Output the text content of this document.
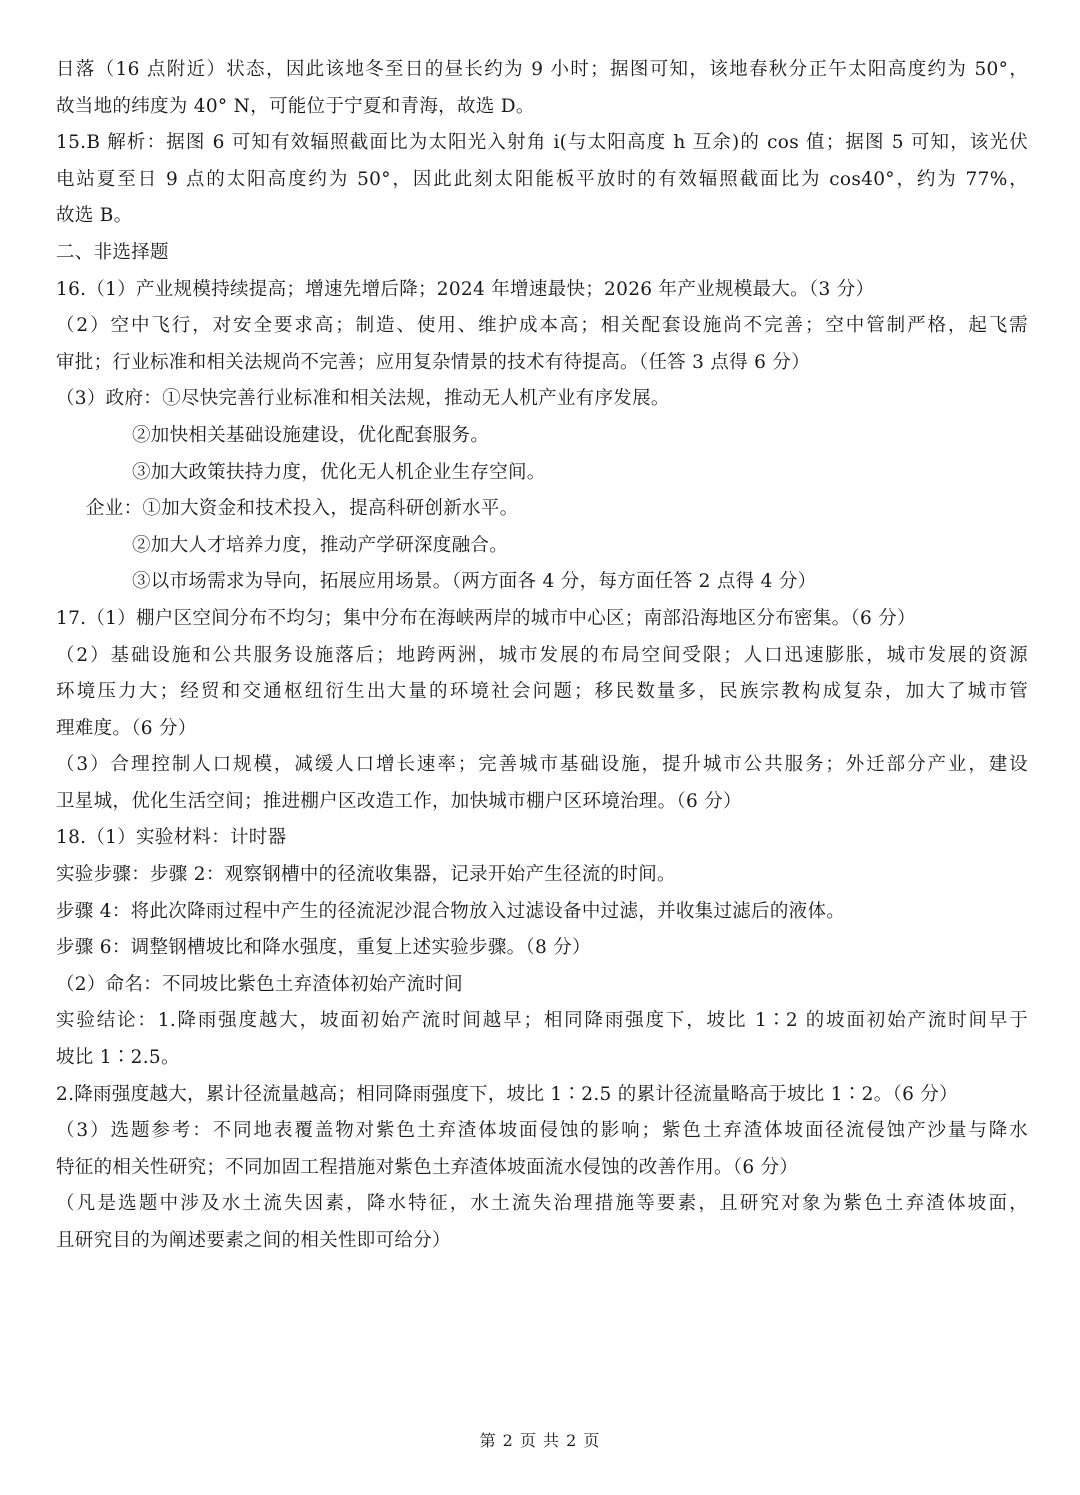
日落（16 点附近）状态，因此该地冬至日的昼长约为 9 小时；据图可知，该地春秋分正午太阳高度约为 50°，
故当地的纬度为 40° N，可能位于宁夏和青海，故选 D。
15.B 解析：据图 6 可知有效辐照截面比为太阳光入射角 i(与太阳高度 h 互余)的 cos 值；据图 5 可知，该光伏
电站夏至日 9 点的太阳高度约为 50°，因此此刻太阳能板平放时的有效辐照截面比为 cos40°，约为 77%，
故选 B。
二、非选择题
16.（1）产业规模持续提高；增速先增后降；2024 年增速最快；2026 年产业规模最大。（3 分）
（2）空中飞行，对安全要求高；制造、使用、维护成本高；相关配套设施尚不完善；空中管制严格，起飞需
审批；行业标准和相关法规尚不完善；应用复杂情景的技术有待提高。（任答 3 点得 6 分）
（3）政府：①尽快完善行业标准和相关法规，推动无人机产业有序发展。
②加快相关基础设施建设，优化配套服务。
③加大政策扶持力度，优化无人机企业生存空间。
企业：①加大资金和技术投入，提高科研创新水平。
②加大人才培养力度，推动产学研深度融合。
③以市场需求为导向，拓展应用场景。（两方面各 4 分，每方面任答 2 点得 4 分）
17.（1）棚户区空间分布不均匀；集中分布在海峡两岸的城市中心区；南部沿海地区分布密集。（6 分）
（2）基础设施和公共服务设施落后；地跨两洲，城市发展的布局空间受限；人口迅速膨胀，城市发展的资源
环境压力大；经贸和交通枢纽衍生出大量的环境社会问题；移民数量多，民族宗教构成复杂，加大了城市管
理难度。（6 分）
（3）合理控制人口规模，减缓人口增长速率；完善城市基础设施，提升城市公共服务；外迁部分产业，建设
卫星城，优化生活空间；推进棚户区改造工作，加快城市棚户区环境治理。（6 分）
18.（1）实验材料：计时器
实验步骤：步骤 2：观察钢槽中的径流收集器，记录开始产生径流的时间。
步骤 4：将此次降雨过程中产生的径流泥沙混合物放入过滤设备中过滤，并收集过滤后的液体。
步骤 6：调整钢槽坡比和降水强度，重复上述实验步骤。（8 分）
（2）命名：不同坡比紫色土弃渣体初始产流时间
实验结论：1.降雨强度越大，坡面初始产流时间越早；相同降雨强度下，坡比 1∶2 的坡面初始产流时间早于
坡比 1∶2.5。
2.降雨强度越大，累计径流量越高；相同降雨强度下，坡比 1∶2.5 的累计径流量略高于坡比 1∶2。（6 分）
（3）选题参考：不同地表覆盖物对紫色土弃渣体坡面侵蚀的影响；紫色土弃渣体坡面径流侵蚀产沙量与降水
特征的相关性研究；不同加固工程措施对紫色土弃渣体坡面流水侵蚀的改善作用。（6 分）
（凡是选题中涉及水土流失因素，降水特征，水土流失治理措施等要素，且研究对象为紫色土弃渣体坡面，
且研究目的为阐述要素之间的相关性即可给分）
第 2 页 共 2 页
